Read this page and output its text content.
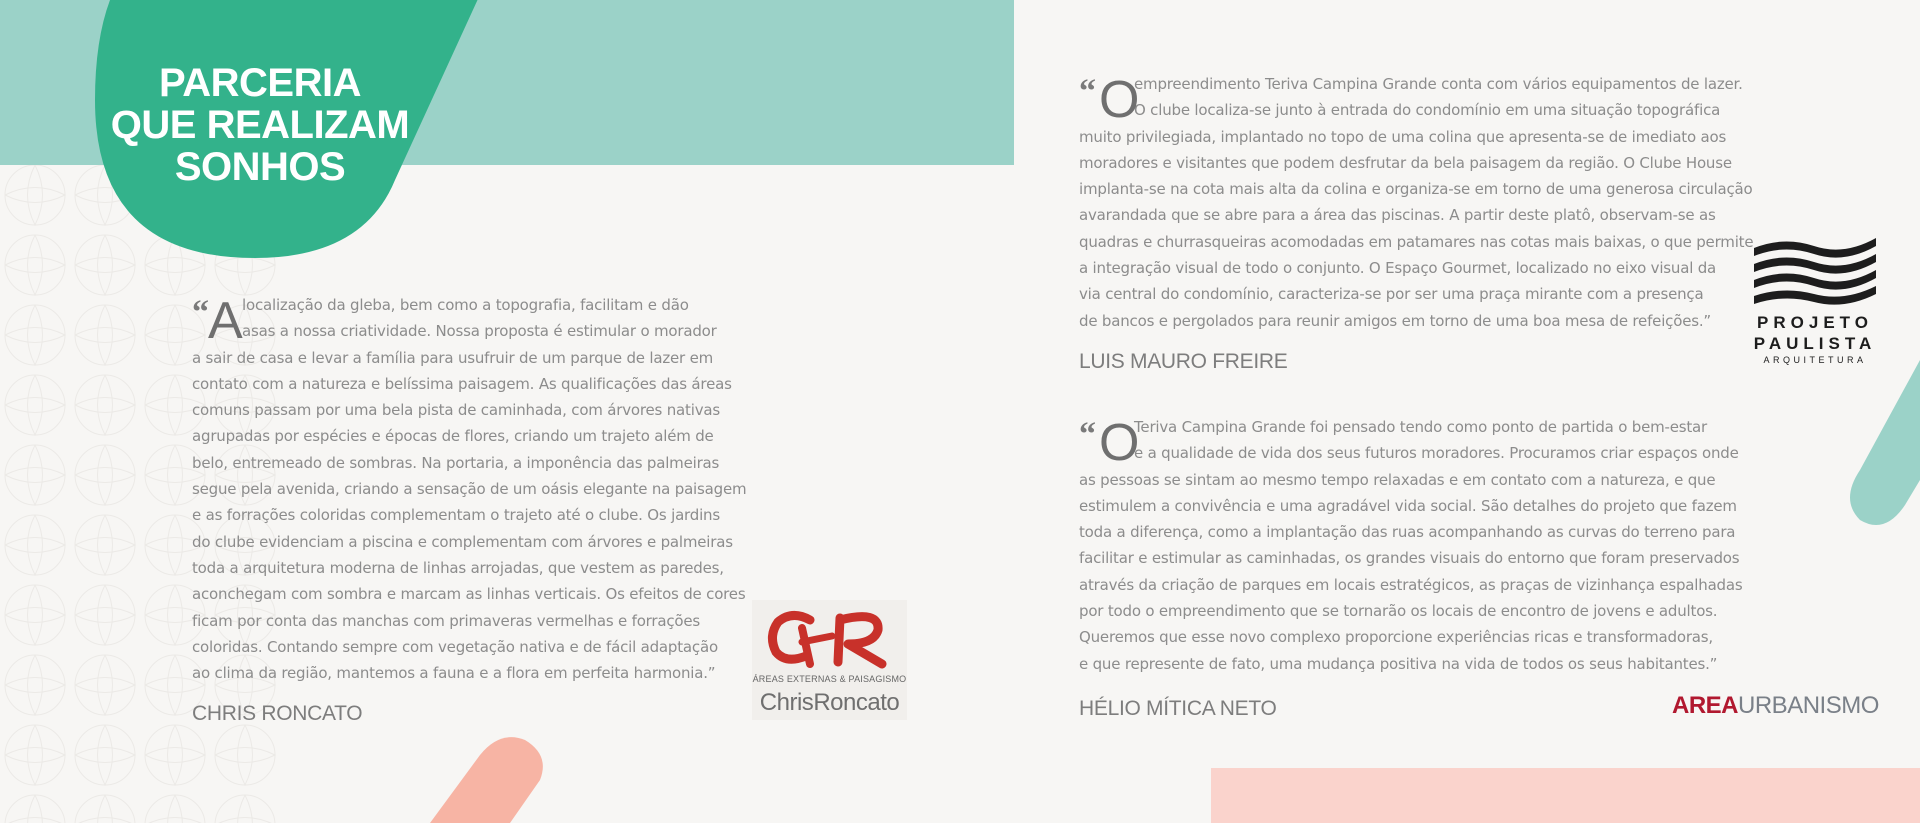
PARCERIA
QUE REALIZAM
SONHOS
“ A localização da gleba, bem como a topografia, facilitam e dão
asas a nossa criatividade. Nossa proposta é estimular o morador
a sair de casa e levar a família para usufruir de um parque de lazer em
contato com a natureza e belíssima paisagem. As qualificações das áreas
comuns passam por uma bela pista de caminhada, com árvores nativas
agrupadas por espécies e épocas de flores, criando um trajeto além de
belo, entremeado de sombras. Na portaria, a imponência das palmeiras
segue pela avenida, criando a sensação de um oásis elegante na paisagem
e as forrações coloridas complementam o trajeto até o clube. Os jardins
do clube evidenciam a piscina e complementam com árvores e palmeiras
toda a arquitetura moderna de linhas arrojadas, que vestem as paredes,
aconchegam com sombra e marcam as linhas verticais. Os efeitos de cores
ficam por conta das manchas com primaveras vermelhas e forrações
coloridas. Contando sempre com vegetação nativa e de fácil adaptação
ao clima da região, mantemos a fauna e a flora em perfeita harmonia.”
CHRIS RONCATO
ÁREAS EXTERNAS & PAISAGISMO
ChrisRoncato
“ O
empreendimento Teriva Campina Grande conta com vários equipamentos de lazer.
O clube localiza-se junto à entrada do condomínio em uma situação topográfica
muito privilegiada, implantado no topo de uma colina que apresenta-se de imediato aos
moradores e visitantes que podem desfrutar da bela paisagem da região. O Clube House
implanta-se na cota mais alta da colina e organiza-se em torno de uma generosa circulação
avarandada que se abre para a área das piscinas. A partir deste platô, observam-se as
quadras e churrasqueiras acomodadas em patamares nas cotas mais baixas, o que permite
a integração visual de todo o conjunto. O Espaço Gourmet, localizado no eixo visual da
via central do condomínio, caracteriza-se por ser uma praça mirante com a presença
de bancos e pergolados para reunir amigos em torno de uma boa mesa de refeições.”
LUIS MAURO FREIRE
PROJETO
PAULISTA
ARQUITETURA
“ O
Teriva Campina Grande foi pensado tendo como ponto de partida o bem-estar
e a qualidade de vida dos seus futuros moradores. Procuramos criar espaços onde
as pessoas se sintam ao mesmo tempo relaxadas e em contato com a natureza, e que
estimulem a convivência e uma agradável vida social. São detalhes do projeto que fazem
toda a diferença, como a implantação das ruas acompanhando as curvas do terreno para
facilitar e estimular as caminhadas, os grandes visuais do entorno que foram preservados
através da criação de parques em locais estratégicos, as praças de vizinhança espalhadas
por todo o empreendimento que se tornarão os locais de encontro de jovens e adultos.
Queremos que esse novo complexo proporcione experiências ricas e transformadoras,
e que represente de fato, uma mudança positiva na vida de todos os seus habitantes.”
HÉLIO MÍTICA NETO	AREAURBANISMO
